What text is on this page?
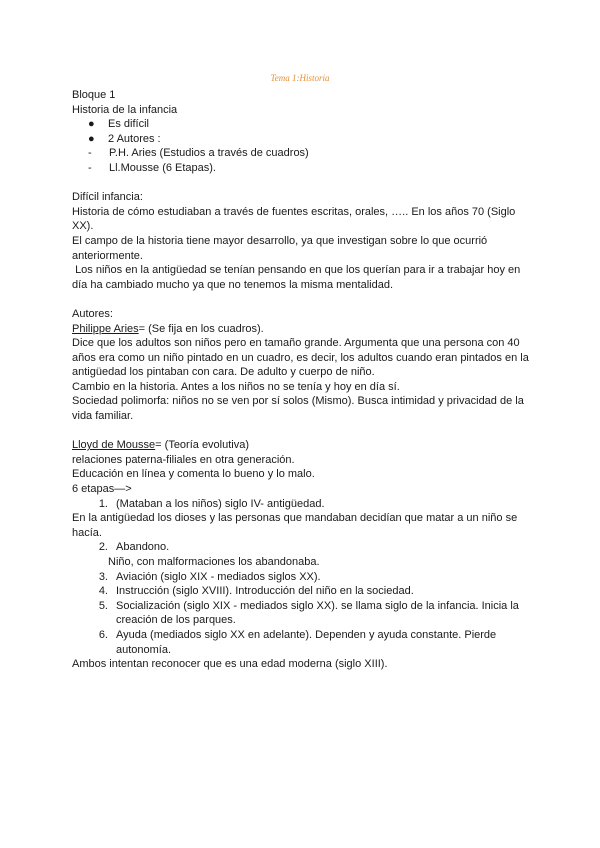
Tema 1:Historia

Bloque 1

Historia de la infancia

●	Es difícil
●	2 Autores :
-	P.H. Aries (Estudios a través de cuadros)
-	Ll.Mousse (6 Etapas).

Difícil infancia:

Historia de cómo estudiaban a través de fuentes escritas, orales, ….. En los años 70 (Siglo XX).

El campo de la historia tiene mayor desarrollo, ya que investigan sobre lo que ocurrió anteriormente.

Los niños en la antigüedad se tenían pensando en que los querían para ir a trabajar hoy en día ha cambiado mucho ya que no tenemos la misma mentalidad.

Autores:

Philippe Aries= (Se fija en los cuadros).

Dice que los adultos son niños pero en tamaño grande. Argumenta que una persona con 40 años era como un niño pintado en un cuadro, es decir, los adultos cuando eran pintados en la antigüedad los pintaban con cara. De adulto y cuerpo de niño.

Cambio en la historia. Antes a los niños no se tenía y hoy en día sí.

Sociedad polimorfa: niños no se ven por sí solos (Mismo). Busca intimidad y privacidad de la vida familiar.

Lloyd de Mousse= (Teoría evolutiva)

relaciones paterna-filiales en otra generación.

Educación en línea y comenta lo bueno y lo malo.

6 etapas—>

1. (Mataban a los niños) siglo IV- antigüedad.

En la antigüedad los dioses y las personas que mandaban decidían que matar a un niño se hacía.

2. Abandono.

Niño, con malformaciones los abandonaba.

3. Aviación (siglo XIX - mediados siglos XX).
4. Instrucción (siglo XVIII). Introducción del niño en la sociedad.
5. Socialización (siglo XIX - mediados siglo XX). se llama siglo de la infancia. Inicia la creación de los parques.
6. Ayuda (mediados siglo XX en adelante). Dependen y ayuda constante. Pierde autonomía.

Ambos intentan reconocer que es una edad moderna (siglo XIII).
